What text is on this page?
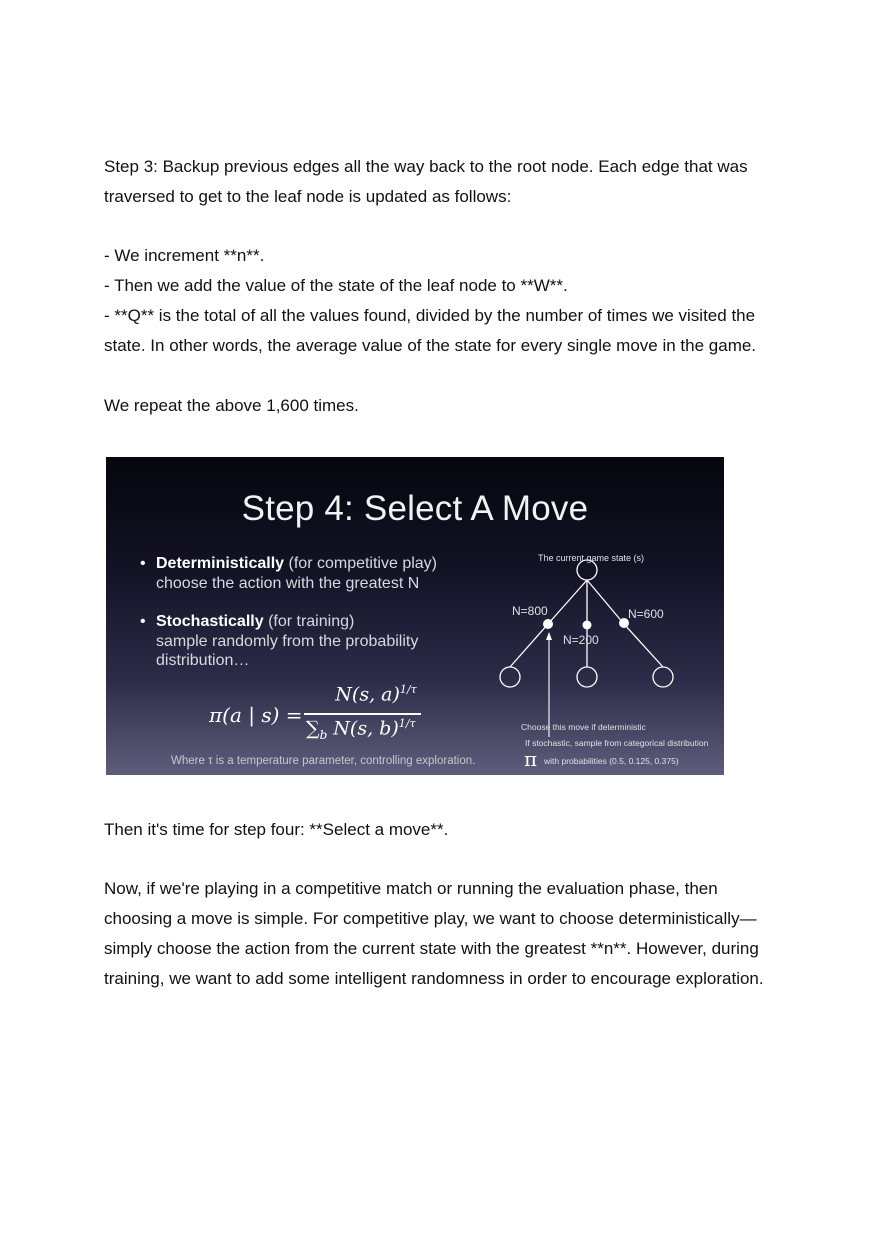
Step 3: Backup previous edges all the way back to the root node. Each edge that was traversed to get to the leaf node is updated as follows:

- We increment **n**.

- Then we add the value of the state of the leaf node to **W**.

- **Q** is the total of all the values found, divided by the number of times we visited the state. In other words, the average value of the state for every single move in the game.

We repeat the above 1,600 times.

Step 4: Select A Move
• Deterministically (for competitive play)
choose the action with the greatest N
• Stochastically (for training)
sample randomly from the probability distribution…
π(a | s) =
N(s, a)$^{1/\tau}$
$\sum_b$ N(s, b)$^{1/\tau}$
Where τ is a temperature parameter, controlling exploration.
The current game state (s)
N=800
N=200
N=600
Choose this move if deterministic
If stochastic, sample from categorical distribution
π with probabilities (0.5, 0.125, 0.375)

Then it's time for step four: **Select a move**.

Now, if we're playing in a competitive match or running the evaluation phase, then choosing a move is simple. For competitive play, we want to choose deterministically—simply choose the action from the current state with the greatest **n**. However, during training, we want to add some intelligent randomness in order to encourage exploration.
